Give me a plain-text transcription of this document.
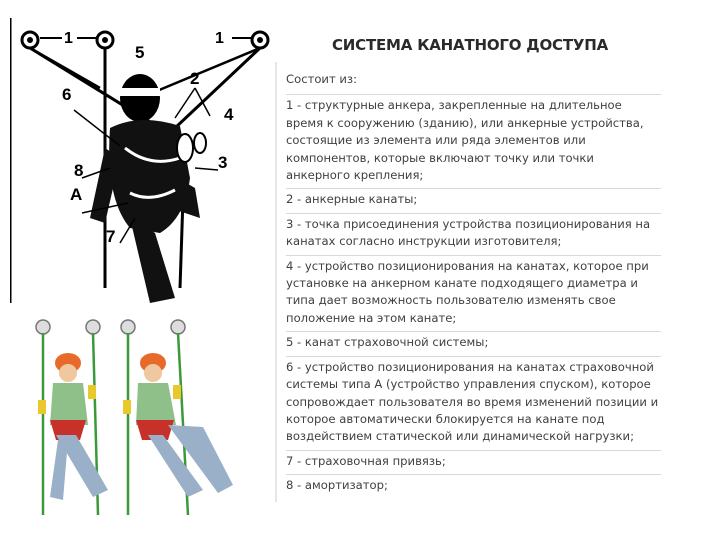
1	1
5
2
6
4
3
8
A
7
СИСТЕМА КАНАТНОГО ДОСТУПА
Состоит из:
1 - структурные анкера, закрепленные на длительное время к сооружению (зданию), или анкерные устройства, состоящие из элемента или ряда элементов или компонентов, которые включают точку или точки анкерного крепления;
2 - анкерные канаты;
3 - точка присоединения устройства позиционирования на канатах согласно инструкции изготовителя;
4 - устройство позиционирования на канатах, которое при установке на анкерном канате подходящего диаметра и типа дает возможность пользователю изменять свое положение на этом канате;
5 - канат страховочной системы;
6 - устройство позиционирования на канатах страховочной системы типа А (устройство управления спуском), которое сопровождает пользователя во время изменений позиции и которое автоматически блокируется на канате под воздействием статической или динамической нагрузки;
7 - страховочная привязь;
8 - амортизатор;
